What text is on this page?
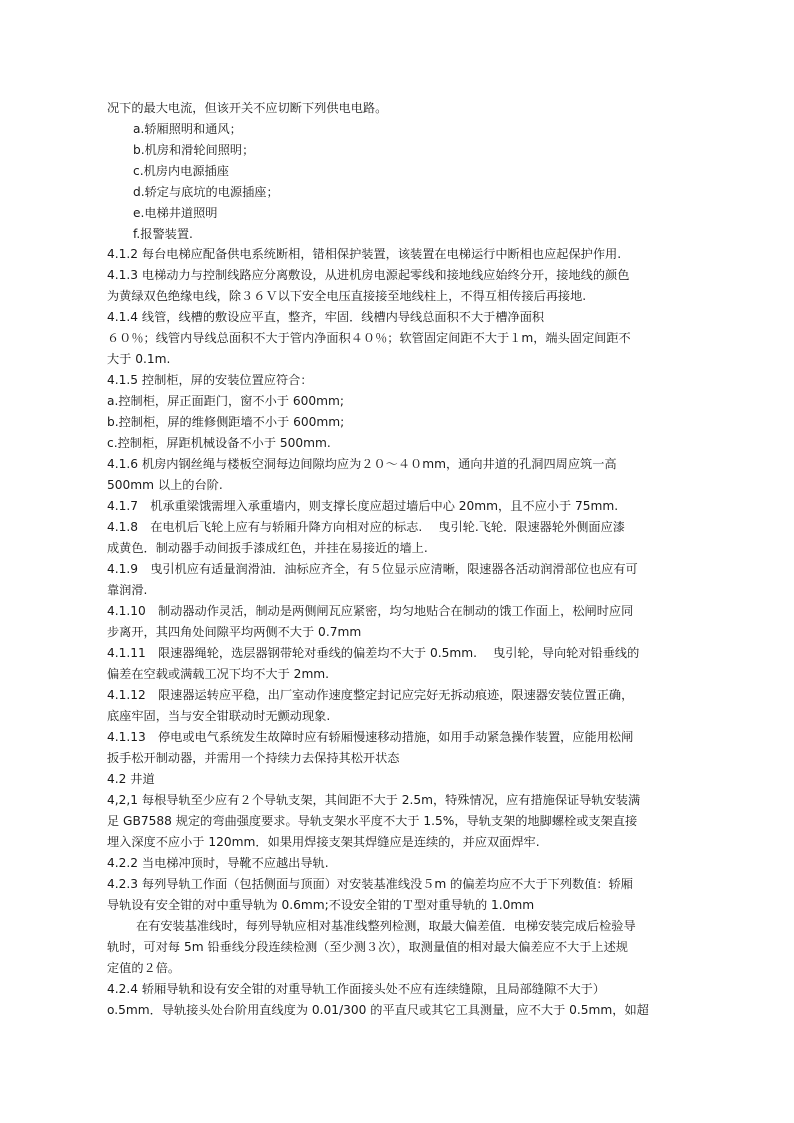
况下的最大电流，但该开关不应切断下列供电电路。
a.轿厢照明和通风；
b.机房和滑轮间照明；
c.机房内电源插座
d.轿定与底坑的电源插座；
e.电梯井道照明
f.报警装置.
4.1.2 每台电梯应配备供电系统断相，错相保护装置，该装置在电梯运行中断相也应起保护作用.
4.1.3 电梯动力与控制线路应分离敷设，从进机房电源起零线和接地线应始终分开，接地线的颜色
为黄绿双色绝缘电线，除３６Ｖ以下安全电压直接接至地线柱上，不得互相传接后再接地.
4.1.4 线管，线槽的敷设应平直，整齐，牢固．线槽内导线总面积不大于槽净面积
６０％；线管内导线总面积不大于管内净面积４０％；软管固定间距不大于１m，端头固定间距不
大于 0.1m.
4.1.5 控制柜，屏的安装位置应符合：
a.控制柜，屏正面距门，窗不小于 600mm;
b.控制柜，屏的维修侧距墙不小于 600mm;
c.控制柜，屏距机械设备不小于 500mm.
4.1.6 机房内钢丝绳与楼板空洞每边间隙均应为２０～４０mm，通向井道的孔洞四周应筑一高
500mm 以上的台阶.
4.1.7　机承重梁饿需埋入承重墙内，则支撑长度应超过墙后中心 20mm，且不应小于 75mm.
4.1.8　在电机后飞轮上应有与轿厢升降方向相对应的标志.　 曳引轮.飞轮．限速器轮外侧面应漆
成黄色．制动器手动间扳手漆成红色，并挂在易接近的墙上.
4.1.9　曳引机应有适量润滑油．油标应齐全，有５位显示应清晰，限速器各活动润滑部位也应有可
靠润滑.
4.1.10　制动器动作灵活，制动是两侧闸瓦应紧密，均匀地贴合在制动的饿工作面上，松闸时应同
步离开，其四角处间隙平均两侧不大于 0.7mm
4.1.11　限速器绳轮，选层器钢带轮对垂线的偏差均不大于 0.5mm.　 曳引轮，导向轮对铅垂线的
偏差在空载或满载工况下均不大于 2mm.
4.1.12　限速器运转应平稳，出厂室动作速度整定封记应完好无拆动痕迹，限速器安装位置正确，
底座牢固，当与安全钳联动时无颤动现象.
4.1.13　停电或电气系统发生故障时应有轿厢慢速移动措施，如用手动紧急操作装置，应能用松闸
扳手松开制动器，并需用一个持续力去保持其松开状态
4.2 井道
4,2,1 每根导轨至少应有２个导轨支架，其间距不大于 2.5m，特殊情况，应有措施保证导轨安装满
足 GB7588 规定的弯曲强度要求。导轨支架水平度不大于 1.5%，导轨支架的地脚螺栓或支架直接
埋入深度不应小于 120mm．如果用焊接支架其焊缝应是连续的，并应双面焊牢.
4.2.2 当电梯冲顶时，导靴不应越出导轨.
4.2.3 每列导轨工作面（包括侧面与顶面）对安装基准线没５m 的偏差均应不大于下列数值：轿厢
导轨设有安全钳的对中重导轨为 0.6mm;不设安全钳的Ｔ型对重导轨的 1.0mm
在有安装基准线时，每列导轨应相对基准线整列检测，取最大偏差值．电梯安装完成后检验导
轨时，可对每 5m 铅垂线分段连续检测（至少测３次），取测量值的相对最大偏差应不大于上述规
定值的２倍。
4.2.4 轿厢导轨和设有安全钳的对重导轨工作面接头处不应有连续缝隙，且局部缝隙不大于）
o.5mm．导轨接头处台阶用直线度为 0.01/300 的平直尺或其它工具测量，应不大于 0.5mm，如超
